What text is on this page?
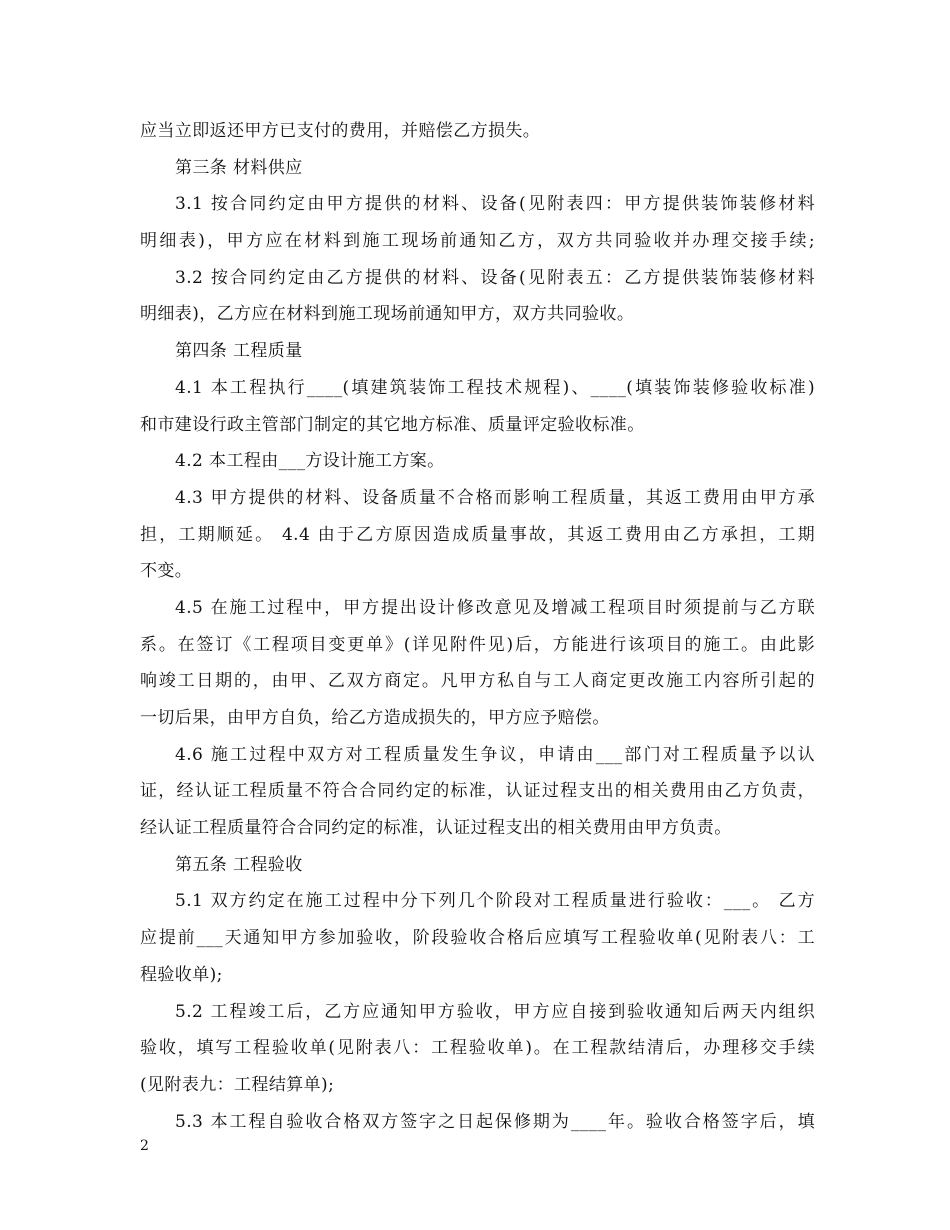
应当立即返还甲方已支付的费用，并赔偿乙方损失。
第三条 材料供应
3.1 按合同约定由甲方提供的材料、设备(见附表四：甲方提供装饰装修材料
明细表)，甲方应在材料到施工现场前通知乙方，双方共同验收并办理交接手续;
3.2 按合同约定由乙方提供的材料、设备(见附表五：乙方提供装饰装修材料
明细表)，乙方应在材料到施工现场前通知甲方，双方共同验收。
第四条 工程质量
4.1 本工程执行____(填建筑装饰工程技术规程)、____(填装饰装修验收标准)
和市建设行政主管部门制定的其它地方标准、质量评定验收标准。
4.2 本工程由___方设计施工方案。
4.3 甲方提供的材料、设备质量不合格而影响工程质量，其返工费用由甲方承
担，工期顺延。 4.4 由于乙方原因造成质量事故，其返工费用由乙方承担，工期
不变。
4.5 在施工过程中，甲方提出设计修改意见及增减工程项目时须提前与乙方联
系。在签订《工程项目变更单》(详见附件见)后，方能进行该项目的施工。由此影
响竣工日期的，由甲、乙双方商定。凡甲方私自与工人商定更改施工内容所引起的
一切后果，由甲方自负，给乙方造成损失的，甲方应予赔偿。
4.6 施工过程中双方对工程质量发生争议，申请由___部门对工程质量予以认
证，经认证工程质量不符合合同约定的标准，认证过程支出的相关费用由乙方负责，
经认证工程质量符合合同约定的标准，认证过程支出的相关费用由甲方负责。
第五条 工程验收
5.1 双方约定在施工过程中分下列几个阶段对工程质量进行验收：___。 乙方
应提前___天通知甲方参加验收，阶段验收合格后应填写工程验收单(见附表八：工
程验收单);
5.2 工程竣工后，乙方应通知甲方验收，甲方应自接到验收通知后两天内组织
验收，填写工程验收单(见附表八：工程验收单)。在工程款结清后，办理移交手续
(见附表九：工程结算单);
5.3 本工程自验收合格双方签字之日起保修期为____年。验收合格签字后，填
2
